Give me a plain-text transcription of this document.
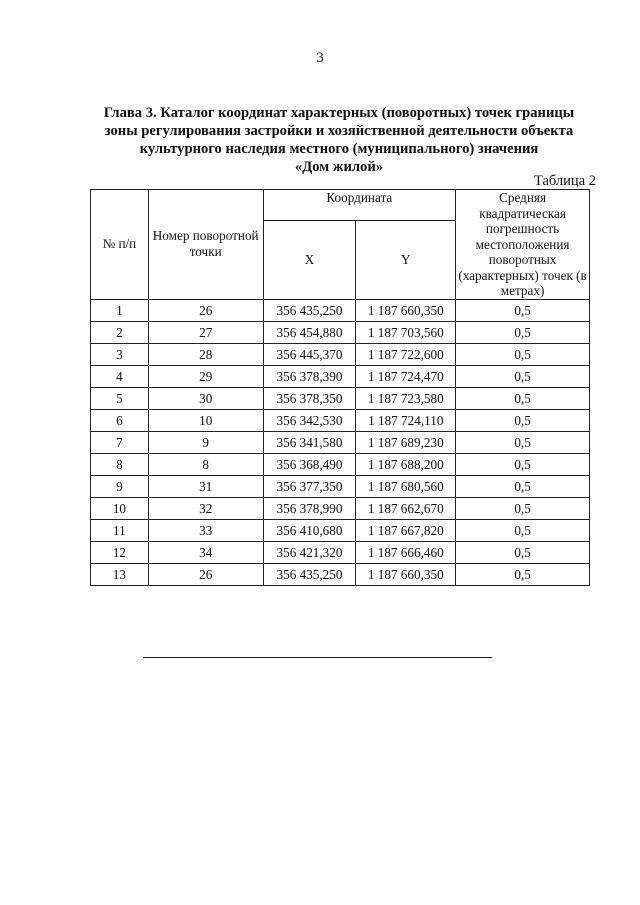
3
Глава 3. Каталог координат характерных (поворотных) точек границы
зоны регулирования застройки и хозяйственной деятельности объекта
культурного наследия местного (муниципального) значения
«Дом жилой»
Таблица 2
№ п/п	Номер поворотной точки	Координата		Средняя квадратическая погрешность местоположения поворотных (характерных) точек (в метрах)
		X	Y	
1	26	356 435,250	1 187 660,350	0,5
2	27	356 454,880	1 187 703,560	0,5
3	28	356 445,370	1 187 722,600	0,5
4	29	356 378,390	1 187 724,470	0,5
5	30	356 378,350	1 187 723,580	0,5
6	10	356 342,530	1 187 724,110	0,5
7	9	356 341,580	1 187 689,230	0,5
8	8	356 368,490	1 187 688,200	0,5
9	31	356 377,350	1 187 680,560	0,5
10	32	356 378,990	1 187 662,670	0,5
11	33	356 410,680	1 187 667,820	0,5
12	34	356 421,320	1 187 666,460	0,5
13	26	356 435,250	1 187 660,350	0,5
